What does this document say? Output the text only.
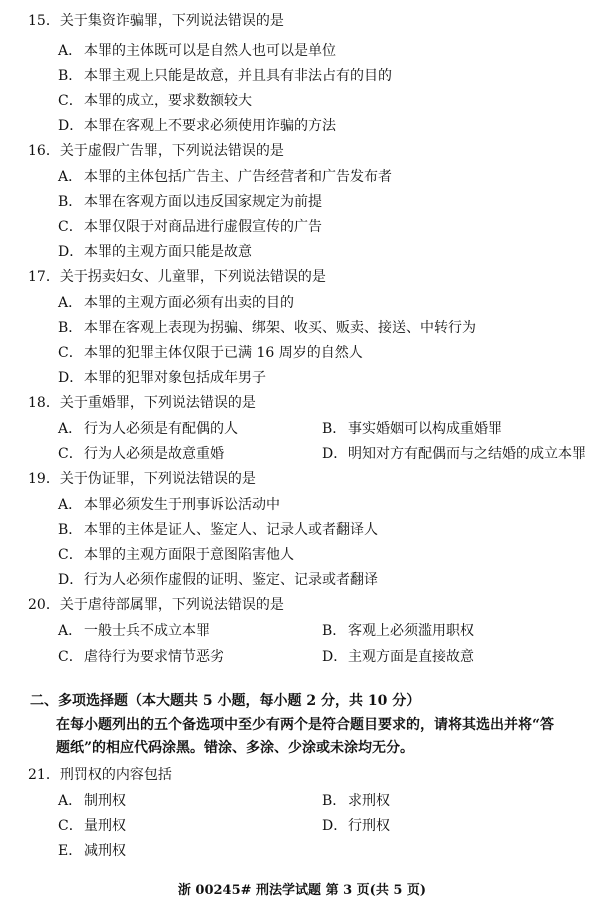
15．关于集资诈骗罪，下列说法错误的是
A． 本罪的主体既可以是自然人也可以是单位
B． 本罪主观上只能是故意，并且具有非法占有的目的
C．本罪的成立，要求数额较大
D．本罪在客观上不要求必须使用诈骗的方法
16．关于虚假广告罪，下列说法错误的是
A． 本罪的主体包括广告主、广告经营者和广告发布者
B． 本罪在客观方面以违反国家规定为前提
C．本罪仅限于对商品进行虚假宣传的广告
D．本罪的主观方面只能是故意
17．关于拐卖妇女、儿童罪，下列说法错误的是
A． 本罪的主观方面必须有出卖的目的
B． 本罪在客观上表现为拐骗、绑架、收买、贩卖、接送、中转行为
C．本罪的犯罪主体仅限于已满 16 周岁的自然人
D．本罪的犯罪对象包括成年男子
18．关于重婚罪，下列说法错误的是
A． 行为人必须是有配偶的人	B． 事实婚姻可以构成重婚罪
C．行为人必须是故意重婚	D．明知对方有配偶而与之结婚的成立本罪
19．关于伪证罪，下列说法错误的是
A． 本罪必须发生于刑事诉讼活动中
B． 本罪的主体是证人、鉴定人、记录人或者翻译人
C．本罪的主观方面限于意图陷害他人
D．行为人必须作虚假的证明、鉴定、记录或者翻译
20．关于虐待部属罪，下列说法错误的是
A． 一般士兵不成立本罪	B． 客观上必须滥用职权
C．虐待行为要求情节恶劣	D．主观方面是直接故意
二、多项选择题（本大题共 5 小题，每小题 2 分，共 10 分）
在每小题列出的五个备选项中至少有两个是符合题目要求的，请将其选出并将“答
题纸”的相应代码涂黑。错涂、多涂、少涂或未涂均无分。
21．刑罚权的内容包括
A． 制刑权	B． 求刑权
C．量刑权	D．行刑权
E． 减刑权
浙 00245# 刑法学试题 第 3 页(共 5 页)
